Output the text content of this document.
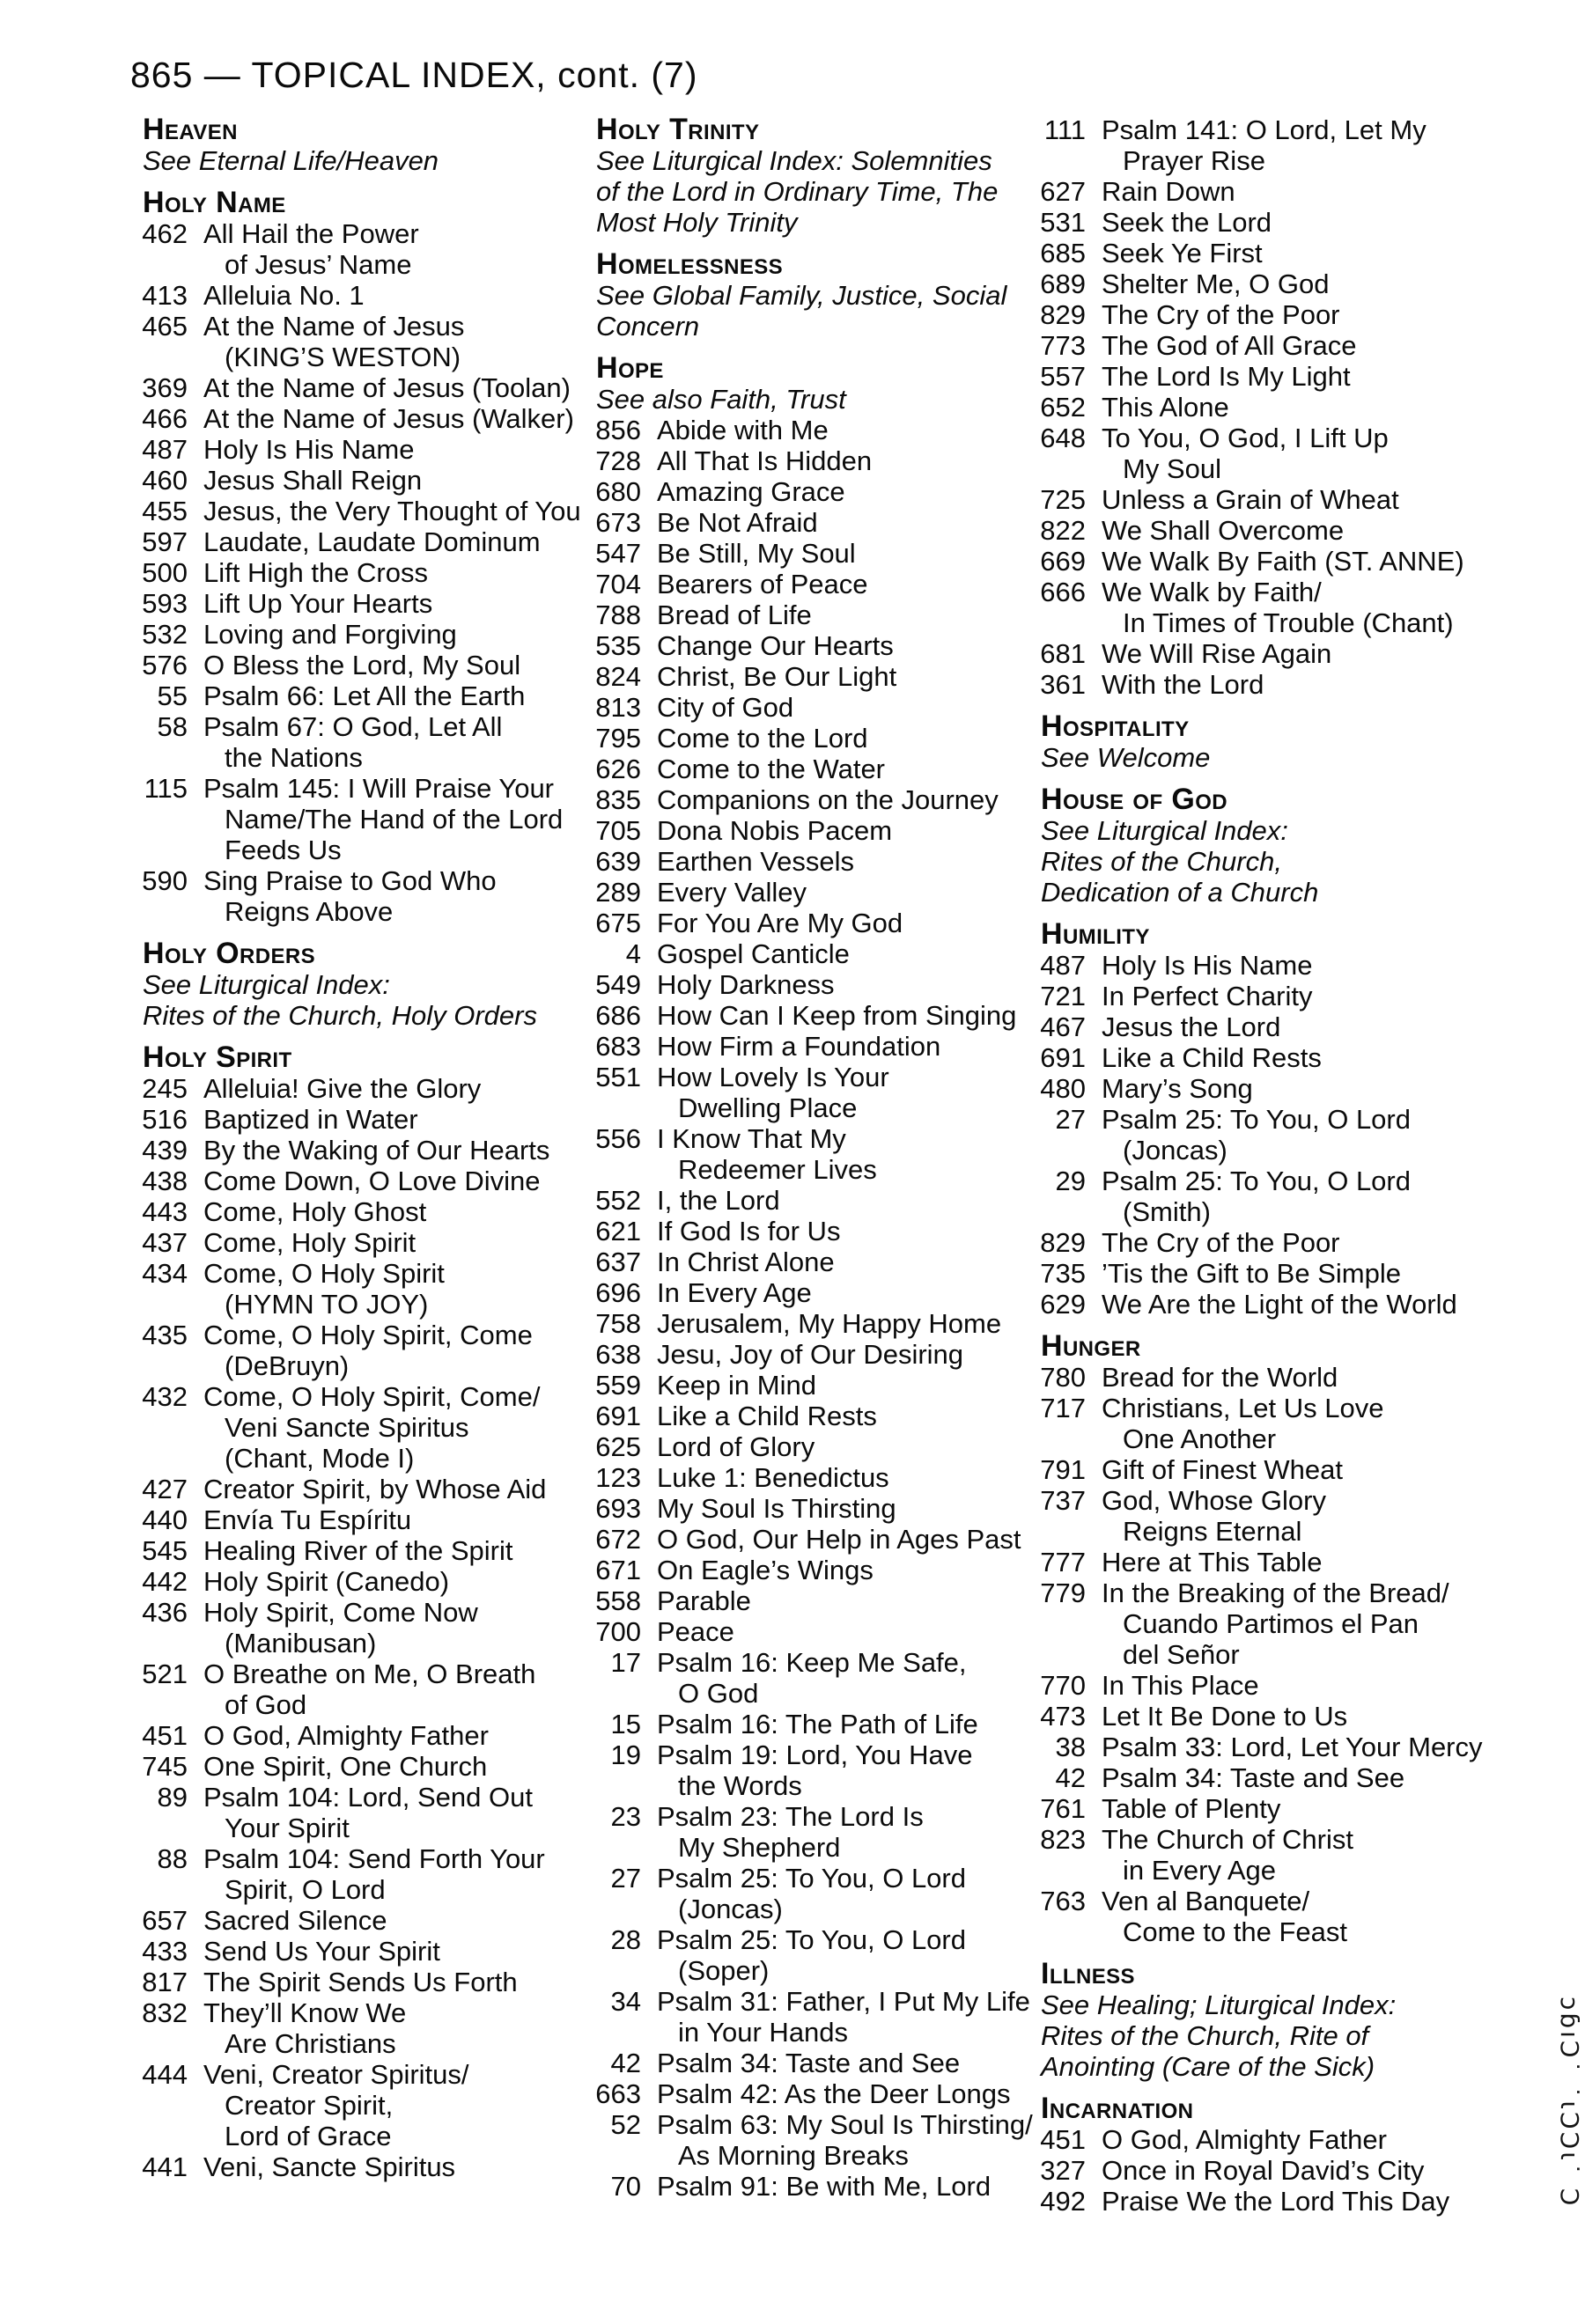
865 — TOPICAL INDEX, cont. (7)
Heaven
See Eternal Life/Heaven
Holy Name
462 All Hail the Power
of Jesus’ Name
413 Alleluia No. 1
465 At the Name of Jesus
(KING’S WESTON)
369 At the Name of Jesus (Toolan)
466 At the Name of Jesus (Walker)
487 Holy Is His Name
460 Jesus Shall Reign
455 Jesus, the Very Thought of You
597 Laudate, Laudate Dominum
500 Lift High the Cross
593 Lift Up Your Hearts
532 Loving and Forgiving
576 O Bless the Lord, My Soul
55 Psalm 66: Let All the Earth
58 Psalm 67: O God, Let All
the Nations
115 Psalm 145: I Will Praise Your
Name/The Hand of the Lord
Feeds Us
590 Sing Praise to God Who
Reigns Above
Holy Orders
See Liturgical Index:
Rites of the Church, Holy Orders
Holy Spirit
245 Alleluia! Give the Glory
516 Baptized in Water
439 By the Waking of Our Hearts
438 Come Down, O Love Divine
443 Come, Holy Ghost
437 Come, Holy Spirit
434 Come, O Holy Spirit
(HYMN TO JOY)
435 Come, O Holy Spirit, Come
(DeBruyn)
432 Come, O Holy Spirit, Come/
Veni Sancte Spiritus
(Chant, Mode I)
427 Creator Spirit, by Whose Aid
440 Envía Tu Espíritu
545 Healing River of the Spirit
442 Holy Spirit (Canedo)
436 Holy Spirit, Come Now
(Manibusan)
521 O Breathe on Me, O Breath
of God
451 O God, Almighty Father
745 One Spirit, One Church
89 Psalm 104: Lord, Send Out
Your Spirit
88 Psalm 104: Send Forth Your
Spirit, O Lord
657 Sacred Silence
433 Send Us Your Spirit
817 The Spirit Sends Us Forth
832 They’ll Know We
Are Christians
444 Veni, Creator Spiritus/
Creator Spirit,
Lord of Grace
441 Veni, Sancte Spiritus
Holy Trinity
See Liturgical Index: Solemnities
of the Lord in Ordinary Time, The
Most Holy Trinity
Homelessness
See Global Family, Justice, Social
Concern
Hope
See also Faith, Trust
856 Abide with Me
728 All That Is Hidden
680 Amazing Grace
673 Be Not Afraid
547 Be Still, My Soul
704 Bearers of Peace
788 Bread of Life
535 Change Our Hearts
824 Christ, Be Our Light
813 City of God
795 Come to the Lord
626 Come to the Water
835 Companions on the Journey
705 Dona Nobis Pacem
639 Earthen Vessels
289 Every Valley
675 For You Are My God
4 Gospel Canticle
549 Holy Darkness
686 How Can I Keep from Singing
683 How Firm a Foundation
551 How Lovely Is Your
Dwelling Place
556 I Know That My
Redeemer Lives
552 I, the Lord
621 If God Is for Us
637 In Christ Alone
696 In Every Age
758 Jerusalem, My Happy Home
638 Jesu, Joy of Our Desiring
559 Keep in Mind
691 Like a Child Rests
625 Lord of Glory
123 Luke 1: Benedictus
693 My Soul Is Thirsting
672 O God, Our Help in Ages Past
671 On Eagle’s Wings
558 Parable
700 Peace
17 Psalm 16: Keep Me Safe,
O God
15 Psalm 16: The Path of Life
19 Psalm 19: Lord, You Have
the Words
23 Psalm 23: The Lord Is
My Shepherd
27 Psalm 25: To You, O Lord
(Joncas)
28 Psalm 25: To You, O Lord
(Soper)
34 Psalm 31: Father, I Put My Life
in Your Hands
42 Psalm 34: Taste and See
663 Psalm 42: As the Deer Longs
52 Psalm 63: My Soul Is Thirsting/
As Morning Breaks
70 Psalm 91: Be with Me, Lord
111 Psalm 141: O Lord, Let My
Prayer Rise
627 Rain Down
531 Seek the Lord
685 Seek Ye First
689 Shelter Me, O God
829 The Cry of the Poor
773 The God of All Grace
557 The Lord Is My Light
652 This Alone
648 To You, O God, I Lift Up
My Soul
725 Unless a Grain of Wheat
822 We Shall Overcome
669 We Walk By Faith (ST. ANNE)
666 We Walk by Faith/
In Times of Trouble (Chant)
681 We Will Rise Again
361 With the Lord
Hospitality
See Welcome
House of God
See Liturgical Index:
Rites of the Church,
Dedication of a Church
Humility
487 Holy Is His Name
721 In Perfect Charity
467 Jesus the Lord
691 Like a Child Rests
480 Mary’s Song
27 Psalm 25: To You, O Lord
(Joncas)
29 Psalm 25: To You, O Lord
(Smith)
829 The Cry of the Poor
735 ’Tis the Gift to Be Simple
629 We Are the Light of the World
Hunger
780 Bread for the World
717 Christians, Let Us Love
One Another
791 Gift of Finest Wheat
737 God, Whose Glory
Reigns Eternal
777 Here at This Table
779 In the Breaking of the Bread/
Cuando Partimos el Pan
del Señor
770 In This Place
473 Let It Be Done to Us
38 Psalm 33: Lord, Let Your Mercy
42 Psalm 34: Taste and See
761 Table of Plenty
823 The Church of Christ
in Every Age
763 Ven al Banquete/
Come to the Feast
Illness
See Healing; Liturgical Index:
Rites of the Church, Rite of
Anointing (Care of the Sick)
Incarnation
451 O God, Almighty Father
327 Once in Royal David’s City
492 Praise We the Lord This Day	ɔɓıƆ˙ ˙ɩƆƆɩ˙ Ɔ
